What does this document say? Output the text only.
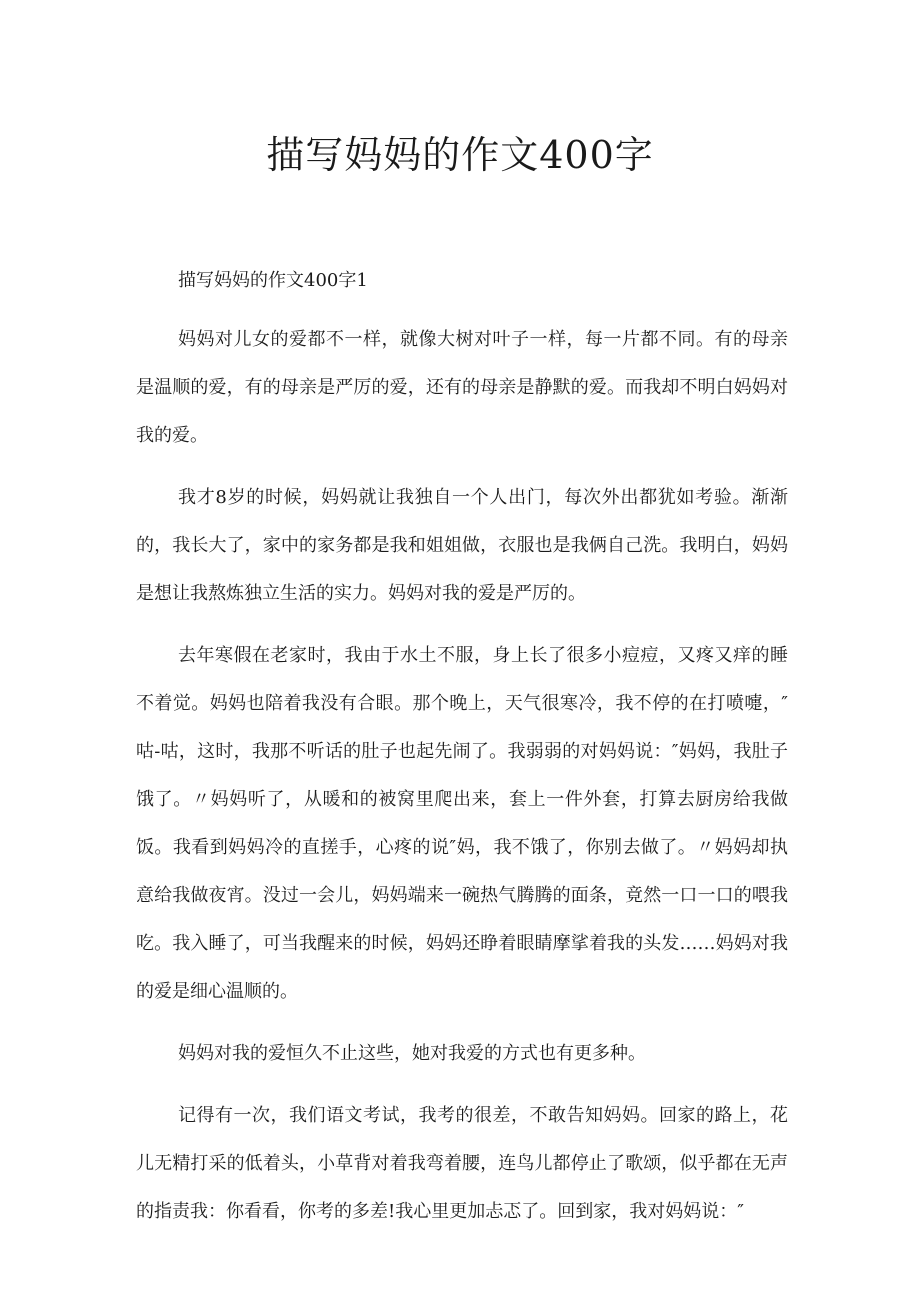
描写妈妈的作文400字

描写妈妈的作文400字1

妈妈对儿女的爱都不一样，就像大树对叶子一样，每一片都不同。有的母亲是温顺的爱，有的母亲是严厉的爱，还有的母亲是静默的爱。而我却不明白妈妈对我的爱。

我才8岁的时候，妈妈就让我独自一个人出门，每次外出都犹如考验。渐渐的，我长大了，家中的家务都是我和姐姐做，衣服也是我俩自己洗。我明白，妈妈是想让我熬炼独立生活的实力。妈妈对我的爱是严厉的。

去年寒假在老家时，我由于水土不服，身上长了很多小痘痘，又疼又痒的睡不着觉。妈妈也陪着我没有合眼。那个晚上，天气很寒冷，我不停的在打喷嚏，″咕-咕，这时，我那不听话的肚子也起先闹了。我弱弱的对妈妈说：″妈妈，我肚子饿了。〃妈妈听了，从暖和的被窝里爬出来，套上一件外套，打算去厨房给我做饭。我看到妈妈冷的直搓手，心疼的说″妈，我不饿了，你别去做了。〃妈妈却执意给我做夜宵。没过一会儿，妈妈端来一碗热气腾腾的面条，竟然一口一口的喂我吃。我入睡了，可当我醒来的时候，妈妈还睁着眼睛摩挲着我的头发……妈妈对我的爱是细心温顺的。

妈妈对我的爱恒久不止这些，她对我爱的方式也有更多种。

记得有一次，我们语文考试，我考的很差，不敢告知妈妈。回家的路上，花儿无精打采的低着头，小草背对着我弯着腰，连鸟儿都停止了歌颂，似乎都在无声的指责我：你看看，你考的多差!我心里更加忐忑了。回到家，我对妈妈说：″
